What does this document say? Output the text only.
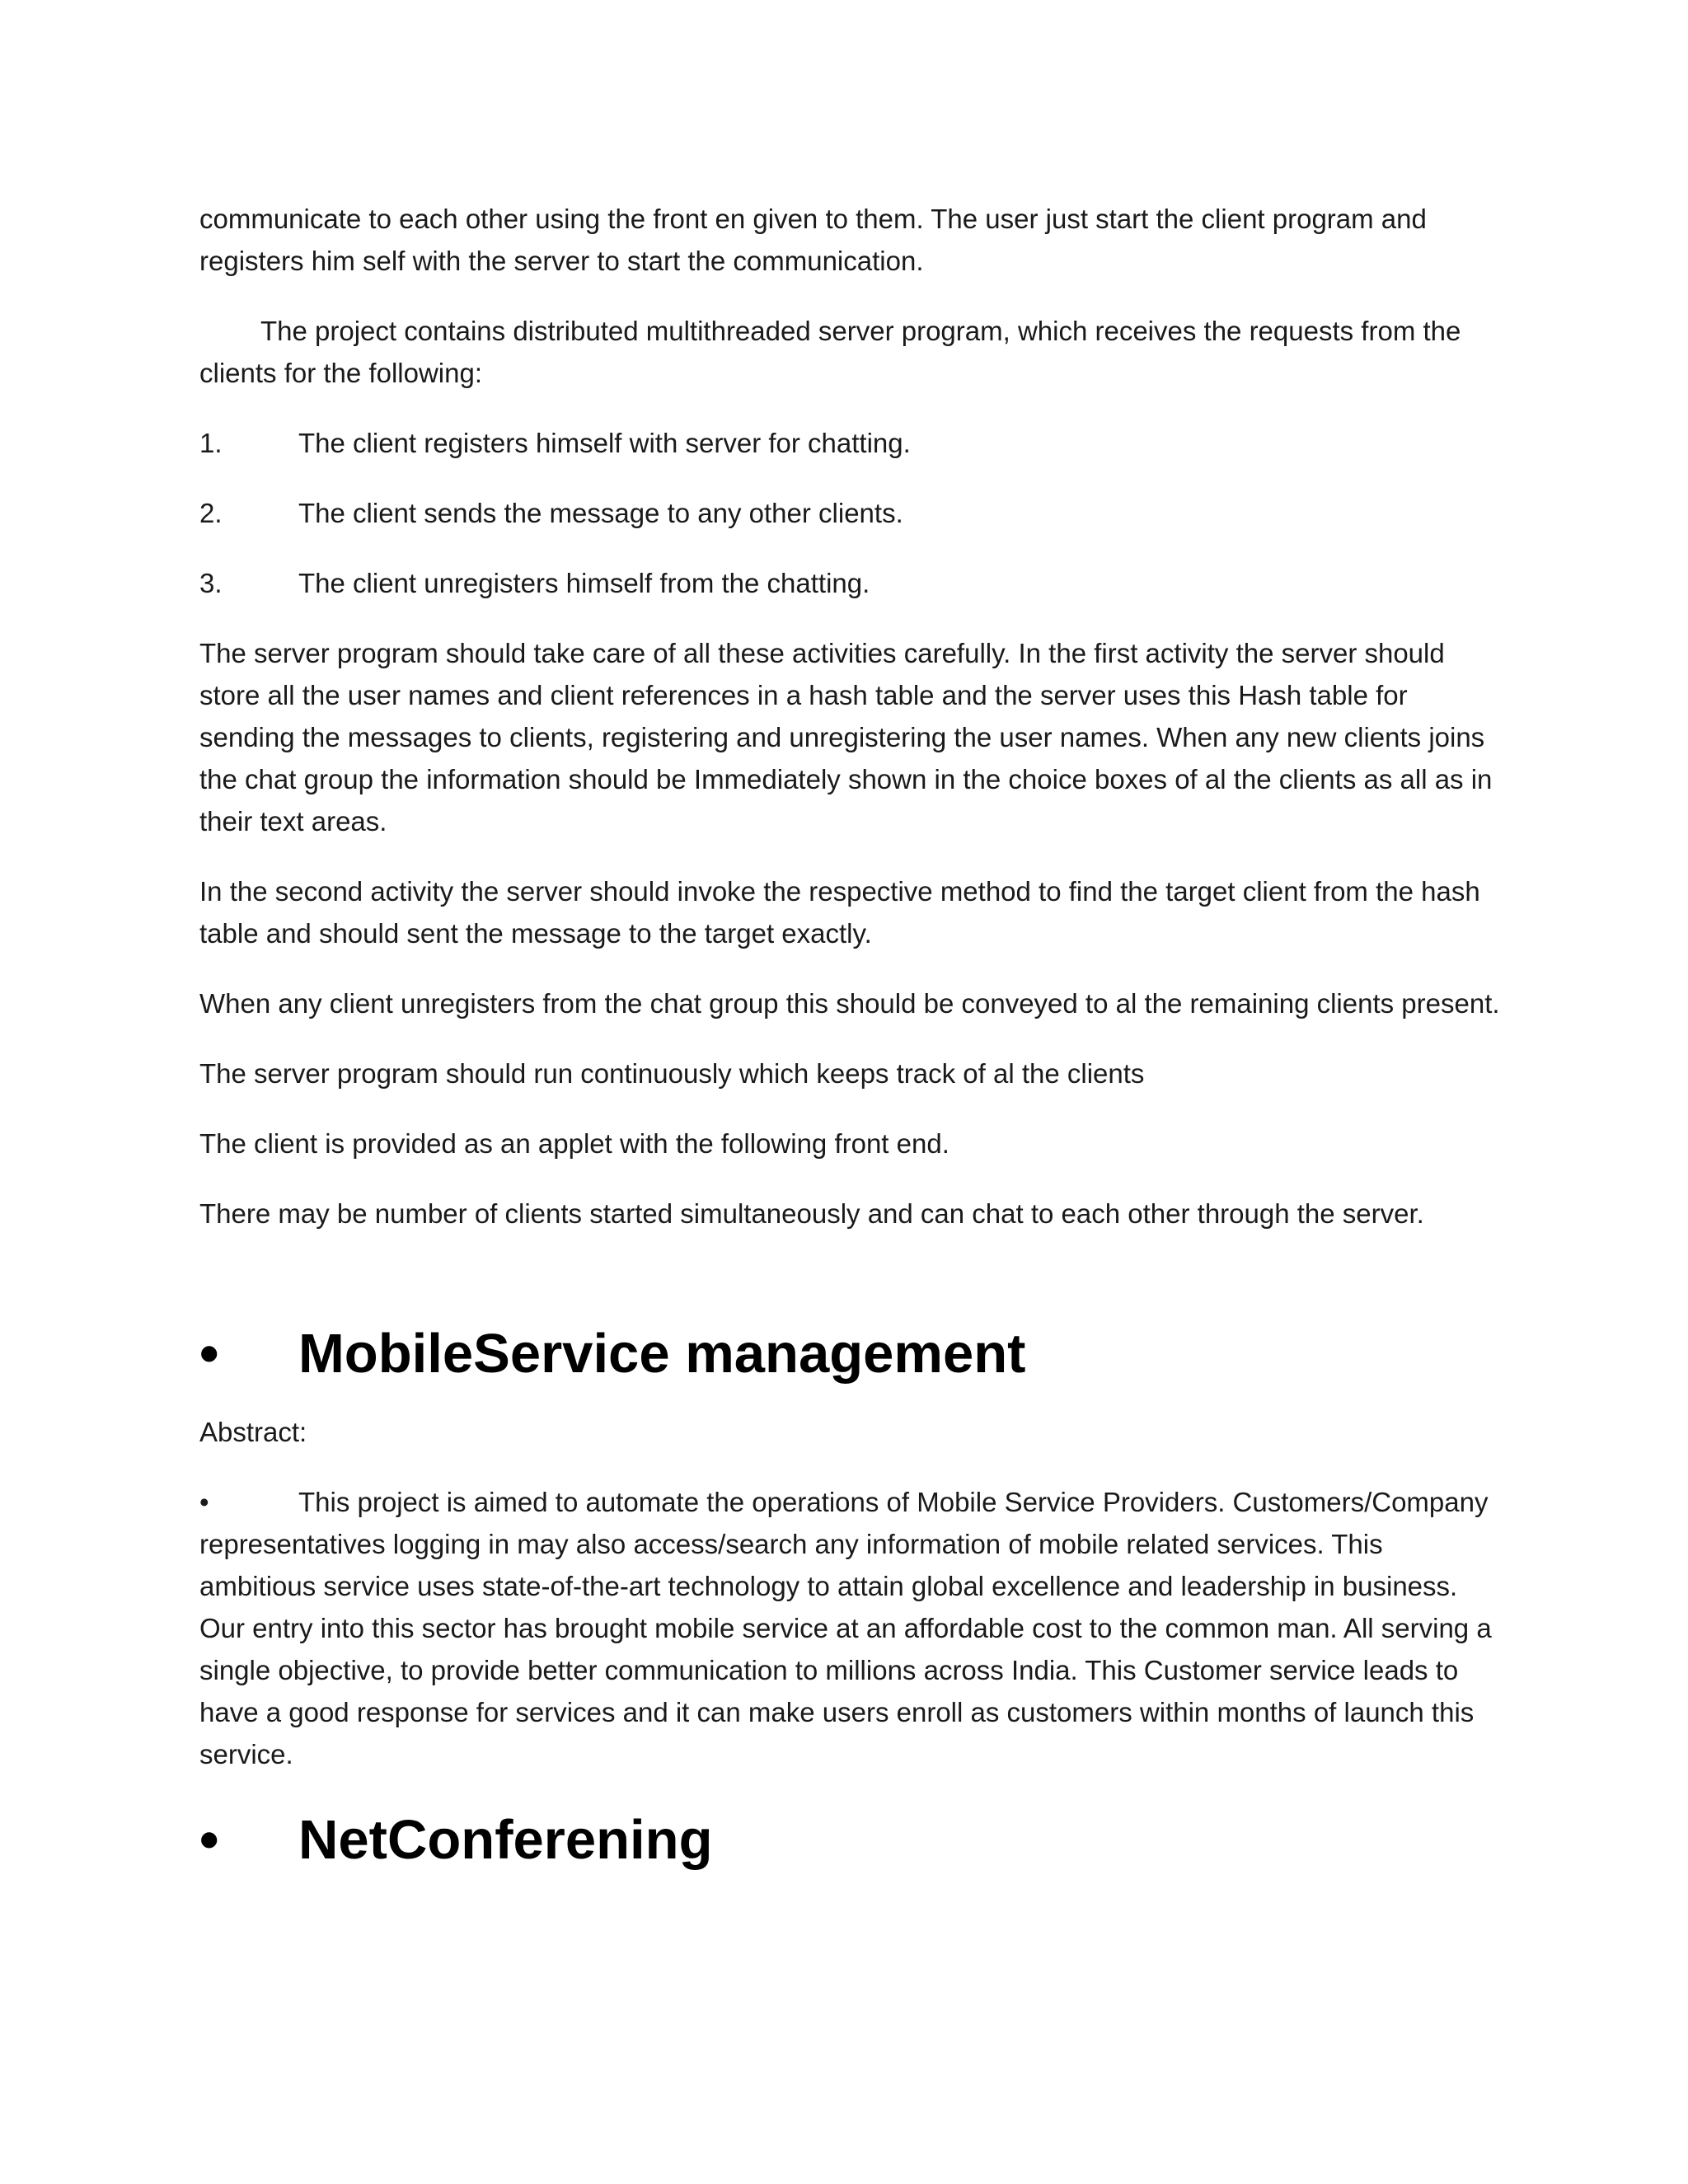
communicate to each other using the front en given to them. The user just start the client program and registers him self with the server to start the communication.

The project contains distributed multithreaded server program, which receives the requests from the clients for the following:

1.	The client registers himself with server for chatting.
2.	The client sends the message to any other clients.
3.	The client unregisters himself from the chatting.

The server program should take care of all these activities carefully. In the first activity the server should store all the user names and client references in a hash table and the server uses this Hash table for sending the messages to clients, registering and unregistering the user names. When any new clients joins the chat group the information should be Immediately shown in the choice boxes of al the clients as all as in their text areas.

In the second activity the server should invoke the respective method to find the target client from the hash table and should sent the message to the target exactly.

When any client unregisters from the chat group this should be conveyed to al the remaining clients present.

The server program should run continuously which keeps track of al the clients

The client is provided as an applet with the following front end.

There may be number of clients started simultaneously and can chat to each other through the server.

•	MobileService management

Abstract:

•	This project is aimed to automate the operations of Mobile Service Providers. Customers/Company representatives logging in may also access/search any information of mobile related services. This ambitious service uses state-of-the-art technology to attain global excellence and leadership in business. Our entry into this sector has brought mobile service at an affordable cost to the common man. All serving a single objective, to provide better communication to millions across India. This Customer service leads to have a good response for services and it can make users enroll as customers within months of launch this service.

•	NetConferening
